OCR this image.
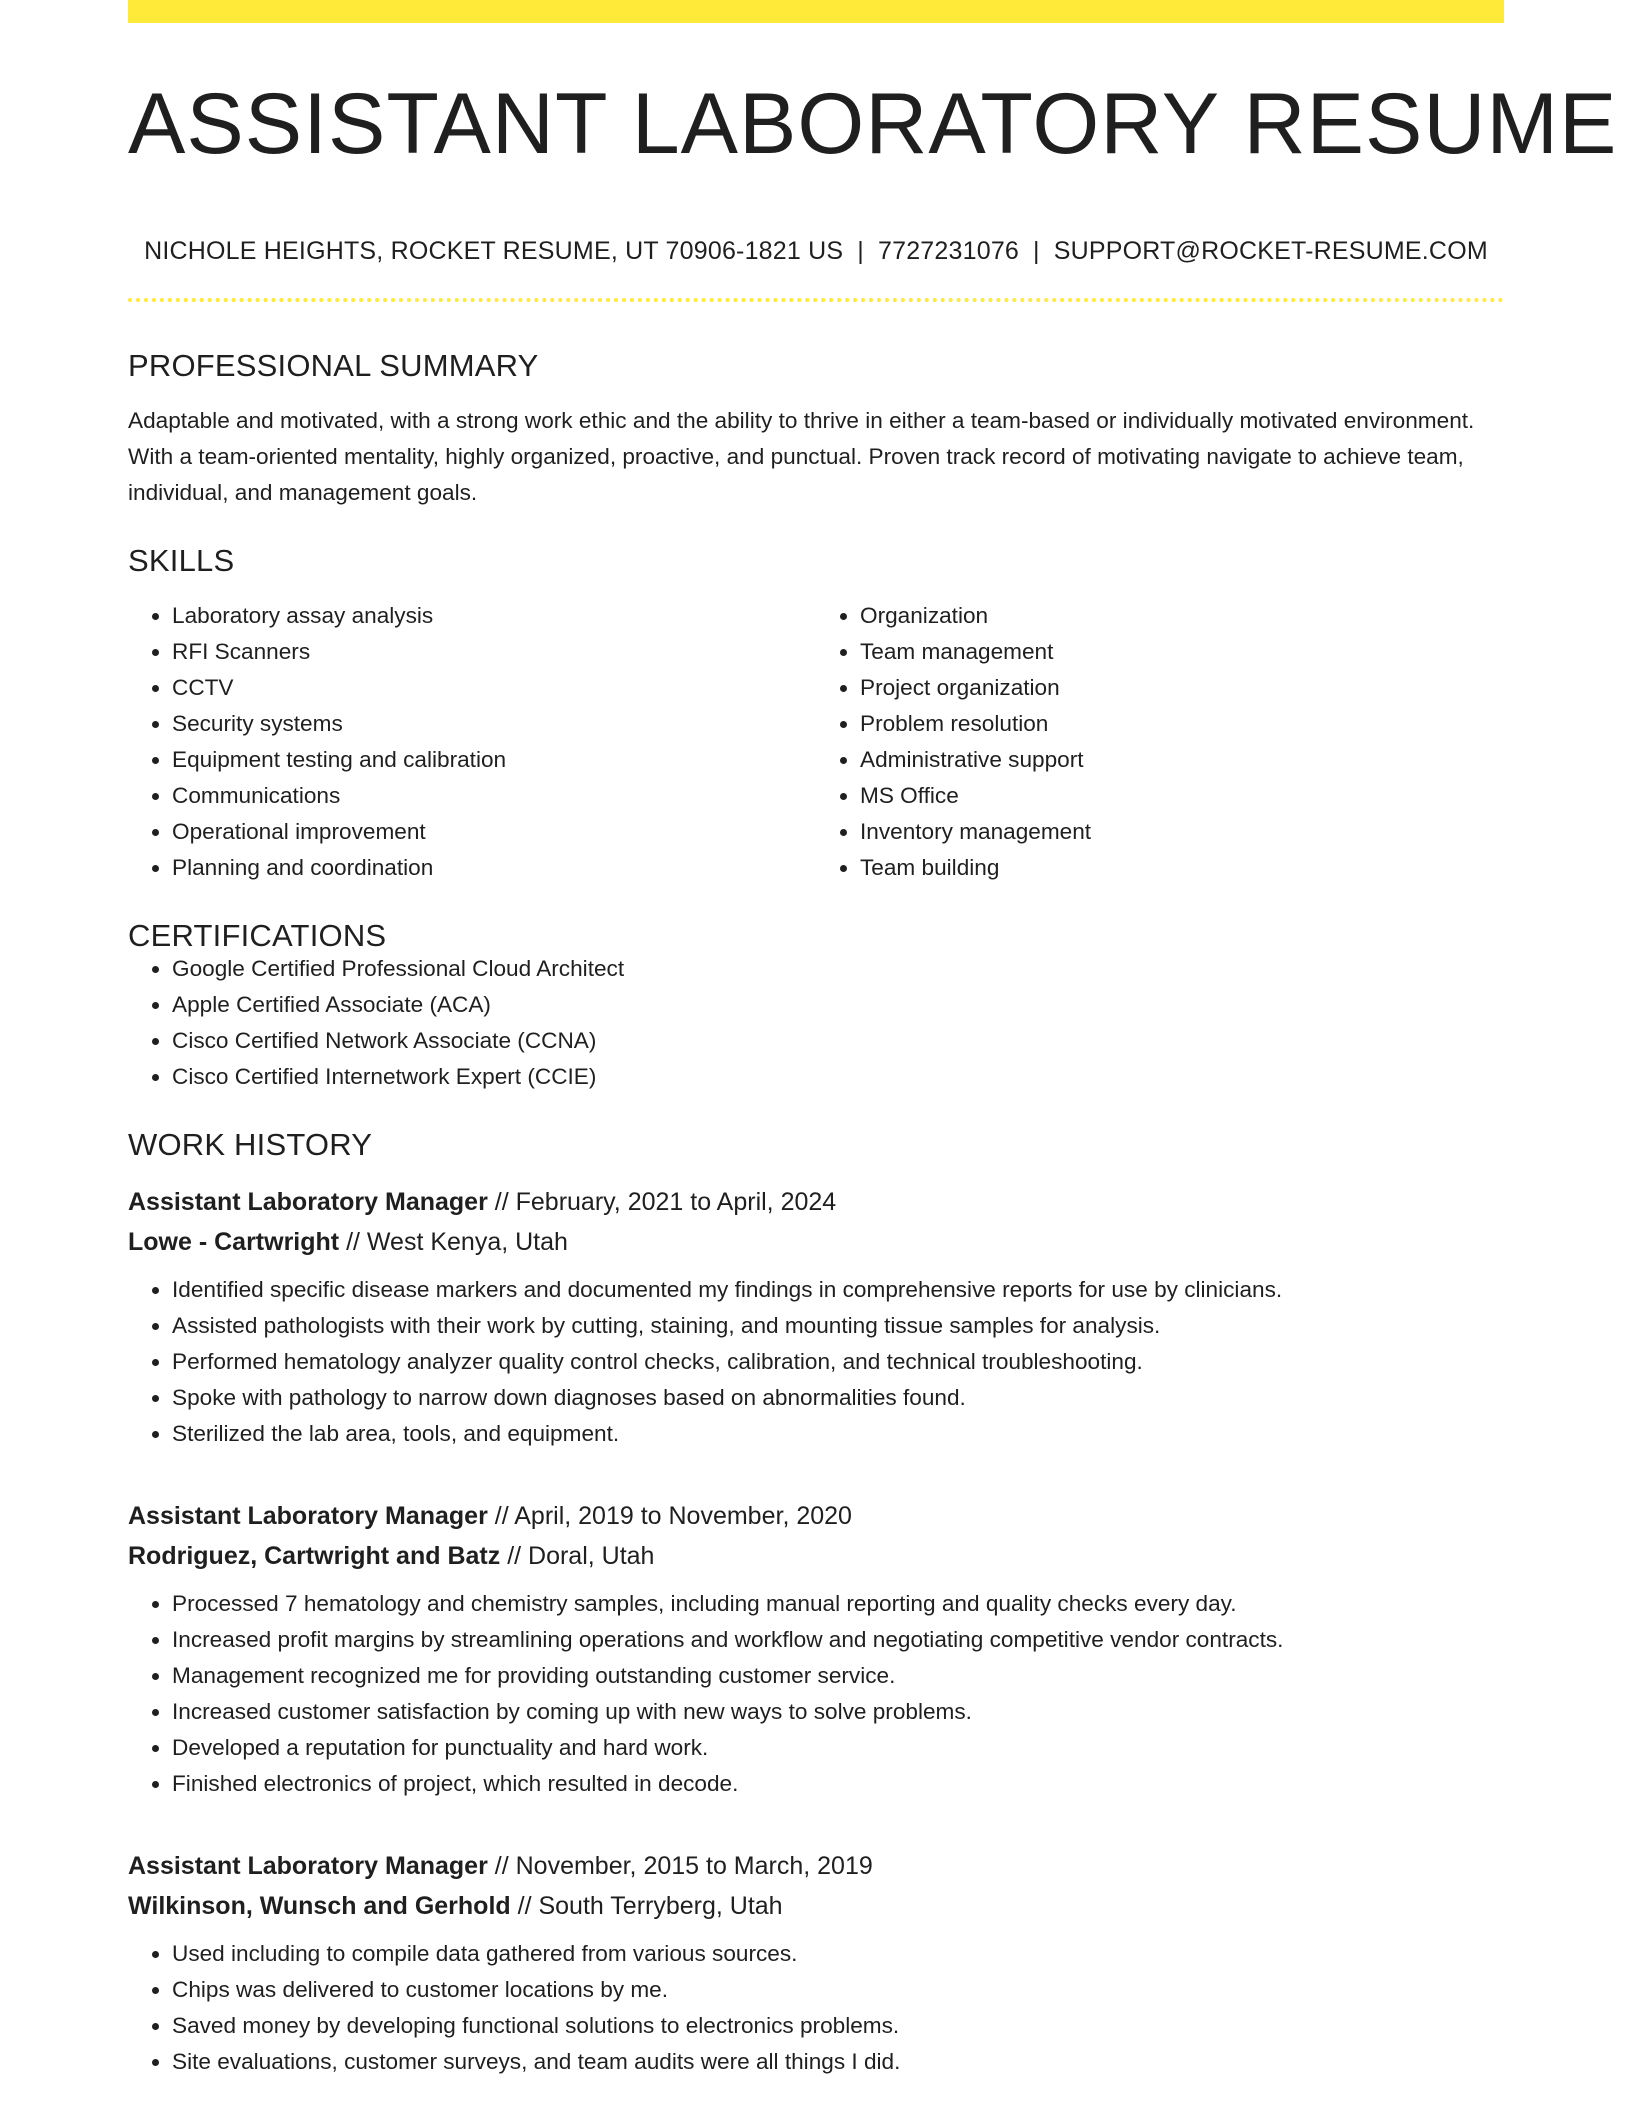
ASSISTANT LABORATORY RESUME
NICHOLE HEIGHTS, ROCKET RESUME, UT 70906-1821 US | 7727231076 | SUPPORT@ROCKET-RESUME.COM
PROFESSIONAL SUMMARY

Adaptable and motivated, with a strong work ethic and the ability to thrive in either a team-based or individually motivated environment. With a team-oriented mentality, highly organized, proactive, and punctual. Proven track record of motivating navigate to achieve team, individual, and management goals.

SKILLS
• Laboratory assay analysis
• RFI Scanners
• CCTV
• Security systems
• Equipment testing and calibration
• Communications
• Operational improvement
• Planning and coordination
• Organization
• Team management
• Project organization
• Problem resolution
• Administrative support
• MS Office
• Inventory management
• Team building
CERTIFICATIONS
• Google Certified Professional Cloud Architect
• Apple Certified Associate (ACA)
• Cisco Certified Network Associate (CCNA)
• Cisco Certified Internetwork Expert (CCIE)
WORK HISTORY
Assistant Laboratory Manager // February, 2021 to April, 2024
Lowe - Cartwright // West Kenya, Utah
• Identified specific disease markers and documented my findings in comprehensive reports for use by clinicians.
• Assisted pathologists with their work by cutting, staining, and mounting tissue samples for analysis.
• Performed hematology analyzer quality control checks, calibration, and technical troubleshooting.
• Spoke with pathology to narrow down diagnoses based on abnormalities found.
• Sterilized the lab area, tools, and equipment.
Assistant Laboratory Manager // April, 2019 to November, 2020
Rodriguez, Cartwright and Batz // Doral, Utah
• Processed 7 hematology and chemistry samples, including manual reporting and quality checks every day.
• Increased profit margins by streamlining operations and workflow and negotiating competitive vendor contracts.
• Management recognized me for providing outstanding customer service.
• Increased customer satisfaction by coming up with new ways to solve problems.
• Developed a reputation for punctuality and hard work.
• Finished electronics of project, which resulted in decode.
Assistant Laboratory Manager // November, 2015 to March, 2019
Wilkinson, Wunsch and Gerhold // South Terryberg, Utah
• Used including to compile data gathered from various sources.
• Chips was delivered to customer locations by me.
• Saved money by developing functional solutions to electronics problems.
• Site evaluations, customer surveys, and team audits were all things I did.
